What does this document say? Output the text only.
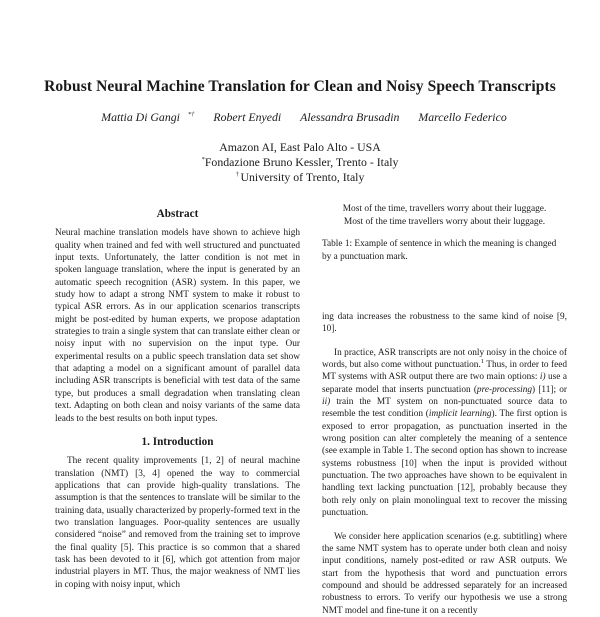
Robust Neural Machine Translation for Clean and Noisy Speech Transcripts
Mattia Di Gangi *† Robert Enyedi Alessandra Brusadin Marcello Federico
Amazon AI, East Palo Alto - USA
*Fondazione Bruno Kessler, Trento - Italy
† University of Trento, Italy
Abstract

Neural machine translation models have shown to achieve high quality when trained and fed with well structured and punctuated input texts. Unfortunately, the latter condition is not met in spoken language translation, where the input is generated by an automatic speech recognition (ASR) system. In this paper, we study how to adapt a strong NMT system to make it robust to typical ASR errors. As in our application scenarios transcripts might be post-edited by human experts, we propose adaptation strategies to train a single system that can translate either clean or noisy input with no supervision on the input type. Our experimental results on a public speech translation data set show that adapting a model on a significant amount of parallel data including ASR transcripts is beneficial with test data of the same type, but produces a small degradation when translating clean text. Adapting on both clean and noisy variants of the same data leads to the best results on both input types.

1. Introduction

The recent quality improvements [1, 2] of neural machine translation (NMT) [3, 4] opened the way to commercial applications that can provide high-quality translations. The assumption is that the sentences to translate will be similar to the training data, usually characterized by properly-formed text in the two translation languages. Poor-quality sentences are usually considered “noise” and removed from the training set to improve the final quality [5]. This practice is so common that a shared task has been devoted to it [6], which got attention from major industrial players in MT. Thus, the major weakness of NMT lies in coping with noisy input, which

Most of the time, travellers worry about their luggage.
Most of the time travellers worry about their luggage.

Table 1: Example of sentence in which the meaning is changed by a punctuation mark.

ing data increases the robustness to the same kind of noise [9, 10].

In practice, ASR transcripts are not only noisy in the choice of words, but also come without punctuation.$^1$ Thus, in order to feed MT systems with ASR output there are two main options: i) use a separate model that inserts punctuation (pre-processing) [11]; or ii) train the MT system on non-punctuated source data to resemble the test condition (implicit learning). The first option is exposed to error propagation, as punctuation inserted in the wrong position can alter completely the meaning of a sentence (see example in Table 1. The second option has shown to increase systems robustness [10] when the input is provided without punctuation. The two approaches have shown to be equivalent in handling text lacking punctuation [12], probably because they both rely only on plain monolingual text to recover the missing punctuation.

We consider here application scenarios (e.g. subtitling) where the same NMT system has to operate under both clean and noisy input conditions, namely post-edited or raw ASR outputs. We start from the hypothesis that word and punctuation errors compound and should be addressed separately for an increased robustness to errors. To verify our hypothesis we use a strong NMT model and fine-tune it on a recently
